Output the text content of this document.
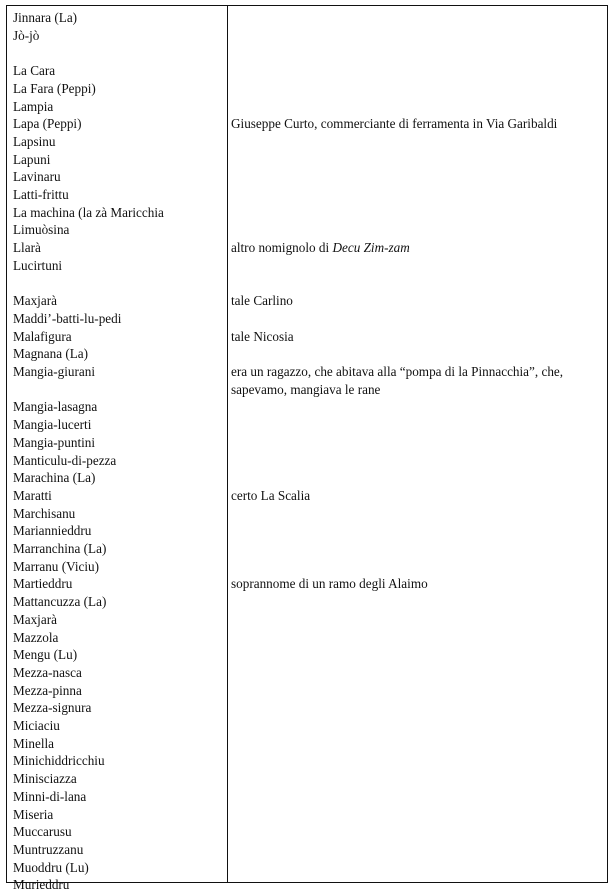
Jinnara (La)
Jò-jò
La Cara
La Fara (Peppi)
Lampia
Lapa (Peppi)	Giuseppe Curto, commerciante di ferramenta in Via Garibaldi
Lapsinu
Lapuni
Lavinaru
Latti-frittu
La machina (la zà Maricchia
Limuòsina
Llarà	altro nomignolo di Decu Zim-zam
Lucirtuni
Maxjarà	tale Carlino
Maddi’-batti-lu-pedi
Malafigura	tale Nicosia
Magnana (La)
Mangia-giurani	era un ragazzo, che abitava alla “pompa di la Pinnacchia”, che, sapevamo, mangiava le rane
Mangia-lasagna
Mangia-lucerti
Mangia-puntini
Manticulu-di-pezza
Marachina (La)
Maratti	certo La Scalia
Marchisanu
Mariannieddru
Marranchina (La)
Marranu (Viciu)
Martieddru	soprannome di un ramo degli Alaimo
Mattancuzza (La)
Maxjarà
Mazzola
Mengu (Lu)
Mezza-nasca
Mezza-pinna
Mezza-signura
Miciaciu
Minella
Minichiddricchiu
Minisciazza
Minni-di-lana
Miseria
Muccarusu
Muntruzzanu
Muoddru (Lu)
Murieddru
